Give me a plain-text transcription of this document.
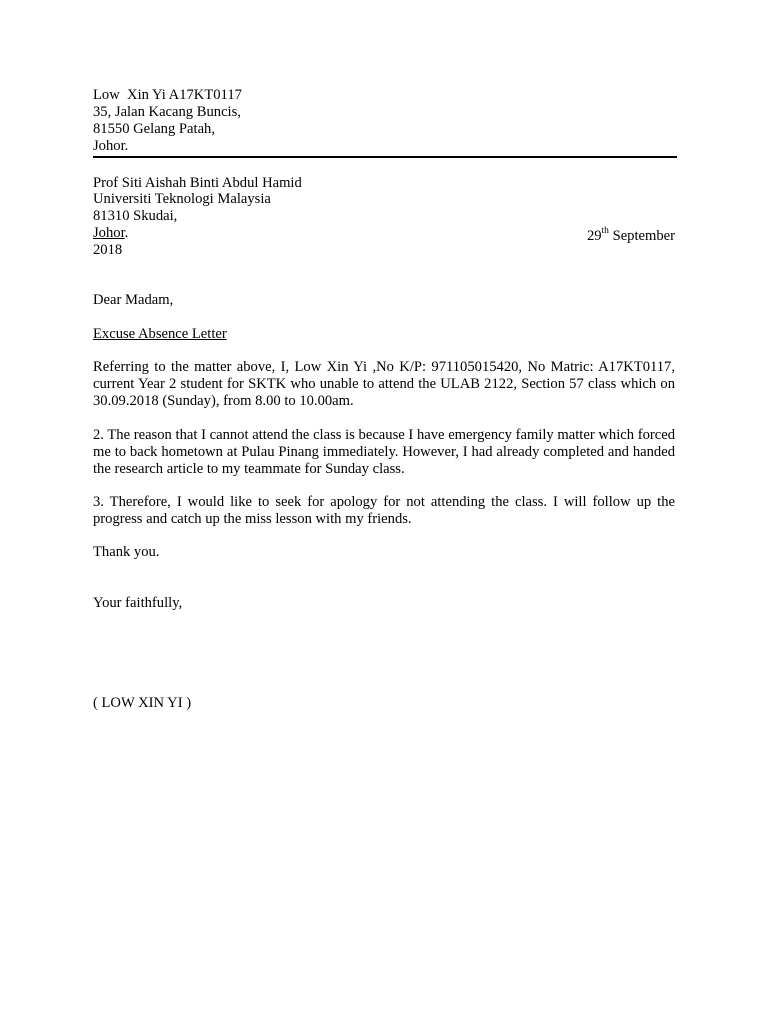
Low  Xin Yi A17KT0117
35, Jalan Kacang Buncis,
81550 Gelang Patah,
Johor.
Prof Siti Aishah Binti Abdul Hamid
Universiti Teknologi Malaysia
81310 Skudai,
Johor.	29th September
2018
Dear Madam,
Excuse Absence Letter
Referring to the matter above, I, Low Xin Yi ,No K/P: 971105015420, No Matric: A17KT0117, current Year 2 student for SKTK who unable to attend the ULAB 2122, Section 57 class which on 30.09.2018 (Sunday), from 8.00 to 10.00am.
2. The reason that I cannot attend the class is because I have emergency family matter which forced me to back hometown at Pulau Pinang immediately. However, I had already completed and handed the research article to my teammate for Sunday class.
3. Therefore, I would like to seek for apology for not attending the class. I will follow up the progress and catch up the miss lesson with my friends.
Thank you.
Your faithfully,
( LOW XIN YI )
